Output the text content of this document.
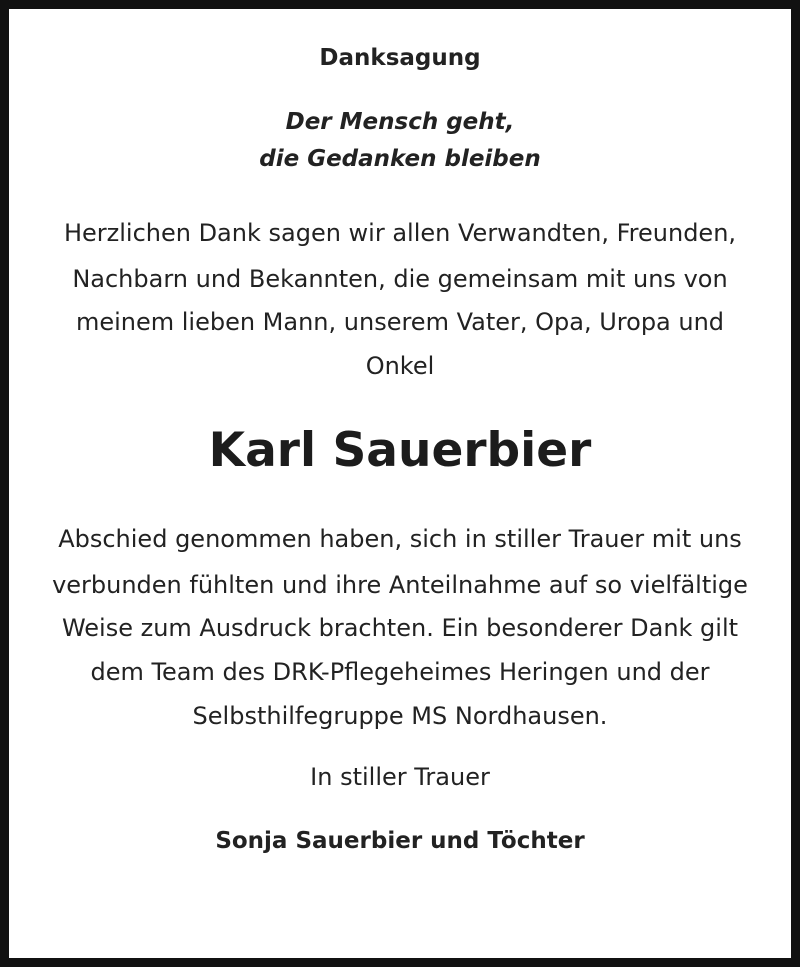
Danksagung
Der Mensch geht,
die Gedanken bleiben
Herzlichen Dank sagen wir allen Verwandten, Freunden,
Nachbarn und Bekannten, die gemeinsam mit uns von
meinem lieben Mann, unserem Vater, Opa, Uropa und
Onkel
Karl Sauerbier
Abschied genommen haben, sich in stiller Trauer mit uns
verbunden fühlten und ihre Anteilnahme auf so vielfältige
Weise zum Ausdruck brachten. Ein besonderer Dank gilt
dem Team des DRK-Pflegeheimes Heringen und der
Selbsthilfegruppe MS Nordhausen.
In stiller Trauer
Sonja Sauerbier und Töchter
